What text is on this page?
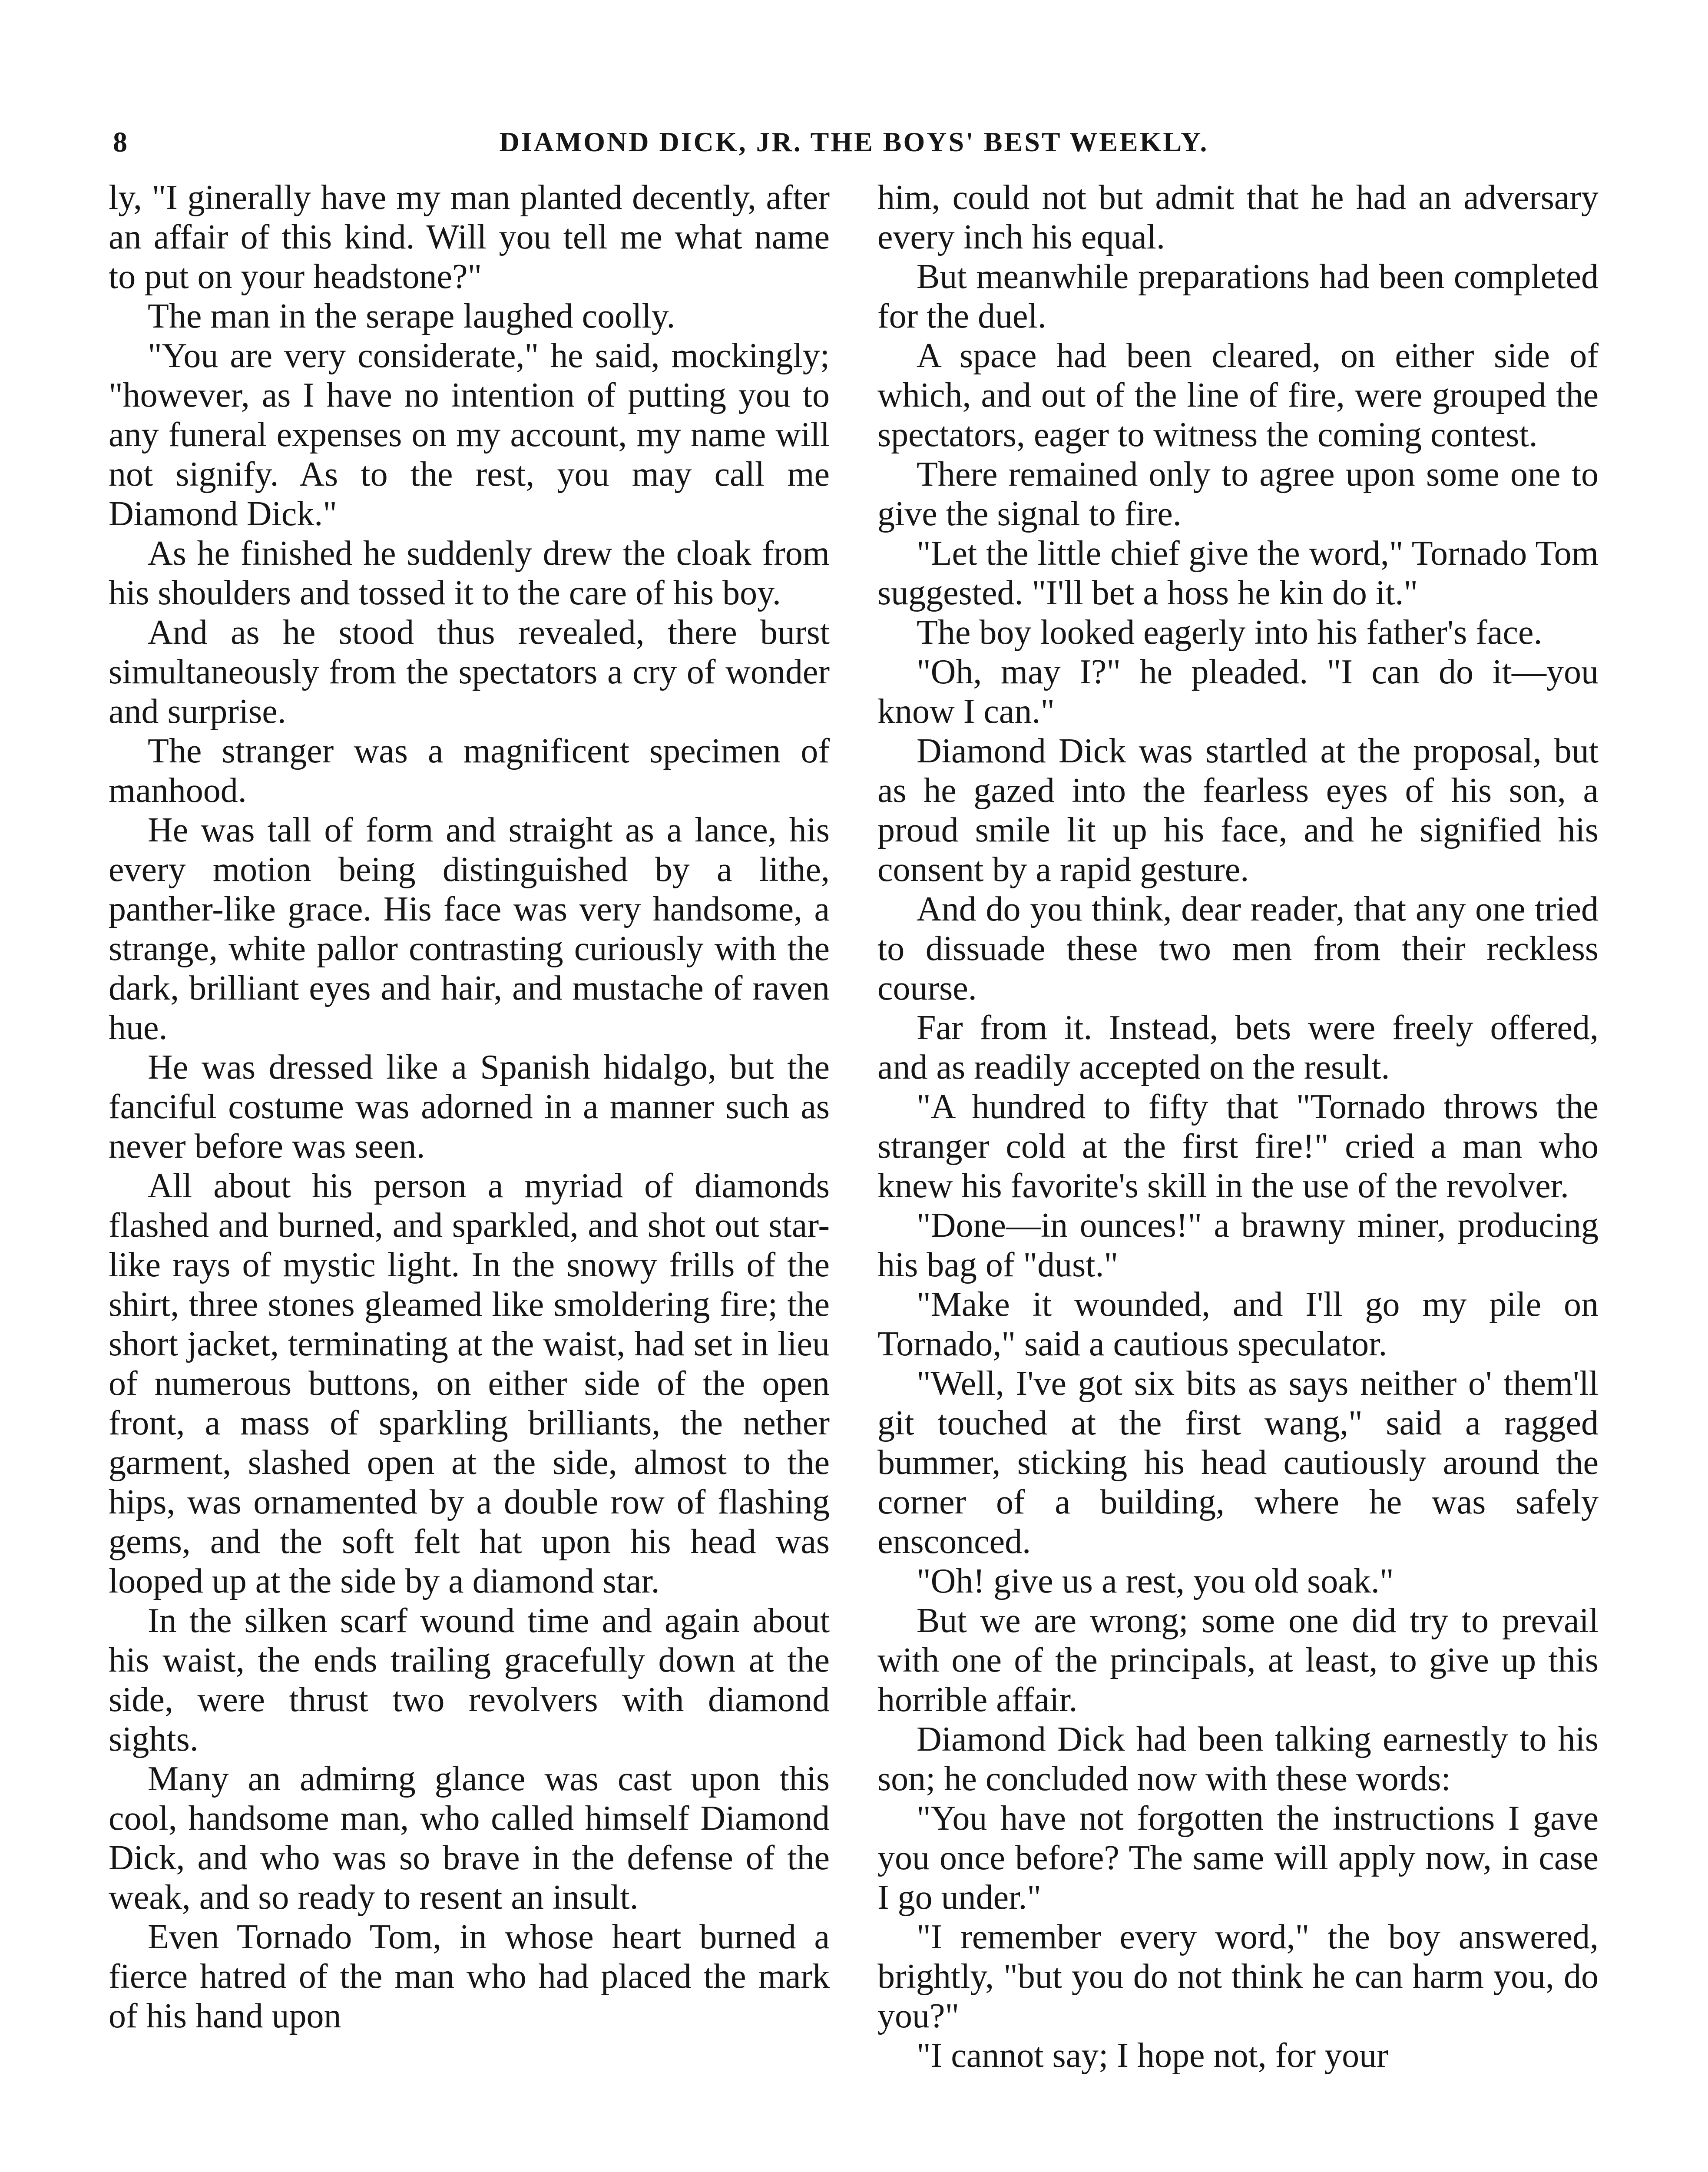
8	DIAMOND DICK, JR. THE BOYS' BEST WEEKLY.

ly, "I ginerally have my man planted decently, after an affair of this kind. Will you tell me what name to put on your headstone?"

The man in the serape laughed coolly.

"You are very considerate," he said, mockingly; "however, as I have no intention of putting you to any funeral expenses on my account, my name will not signify. As to the rest, you may call me Diamond Dick."

As he finished he suddenly drew the cloak from his shoulders and tossed it to the care of his boy.

And as he stood thus revealed, there burst simultaneously from the spectators a cry of wonder and surprise.

The stranger was a magnificent specimen of manhood.

He was tall of form and straight as a lance, his every motion being distinguished by a lithe, panther-like grace. His face was very handsome, a strange, white pallor contrasting curiously with the dark, brilliant eyes and hair, and mustache of raven hue.

He was dressed like a Spanish hidalgo, but the fanciful costume was adorned in a manner such as never before was seen.

All about his person a myriad of diamonds flashed and burned, and sparkled, and shot out star-like rays of mystic light. In the snowy frills of the shirt, three stones gleamed like smoldering fire; the short jacket, terminating at the waist, had set in lieu of numerous buttons, on either side of the open front, a mass of sparkling brilliants, the nether garment, slashed open at the side, almost to the hips, was ornamented by a double row of flashing gems, and the soft felt hat upon his head was looped up at the side by a diamond star.

In the silken scarf wound time and again about his waist, the ends trailing gracefully down at the side, were thrust two revolvers with diamond sights.

Many an admirng glance was cast upon this cool, handsome man, who called himself Diamond Dick, and who was so brave in the defense of the weak, and so ready to resent an insult.

Even Tornado Tom, in whose heart burned a fierce hatred of the man who had placed the mark of his hand upon

him, could not but admit that he had an adversary every inch his equal.

But meanwhile preparations had been completed for the duel.

A space had been cleared, on either side of which, and out of the line of fire, were grouped the spectators, eager to witness the coming contest.

There remained only to agree upon some one to give the signal to fire.

"Let the little chief give the word," Tornado Tom suggested. "I'll bet a hoss he kin do it."

The boy looked eagerly into his father's face.

"Oh, may I?" he pleaded. "I can do it—you know I can."

Diamond Dick was startled at the proposal, but as he gazed into the fearless eyes of his son, a proud smile lit up his face, and he signified his consent by a rapid gesture.

And do you think, dear reader, that any one tried to dissuade these two men from their reckless course.

Far from it. Instead, bets were freely offered, and as readily accepted on the result.

"A hundred to fifty that "Tornado throws the stranger cold at the first fire!" cried a man who knew his favorite's skill in the use of the revolver.

"Done—in ounces!" a brawny miner, producing his bag of "dust."

"Make it wounded, and I'll go my pile on Tornado," said a cautious speculator.

"Well, I've got six bits as says neither o' them'll git touched at the first wang," said a ragged bummer, sticking his head cautiously around the corner of a building, where he was safely ensconced.

"Oh! give us a rest, you old soak."

But we are wrong; some one did try to prevail with one of the principals, at least, to give up this horrible affair.

Diamond Dick had been talking earnestly to his son; he concluded now with these words:

"You have not forgotten the instructions I gave you once before? The same will apply now, in case I go under."

"I remember every word," the boy answered, brightly, "but you do not think he can harm you, do you?"

"I cannot say; I hope not, for your
